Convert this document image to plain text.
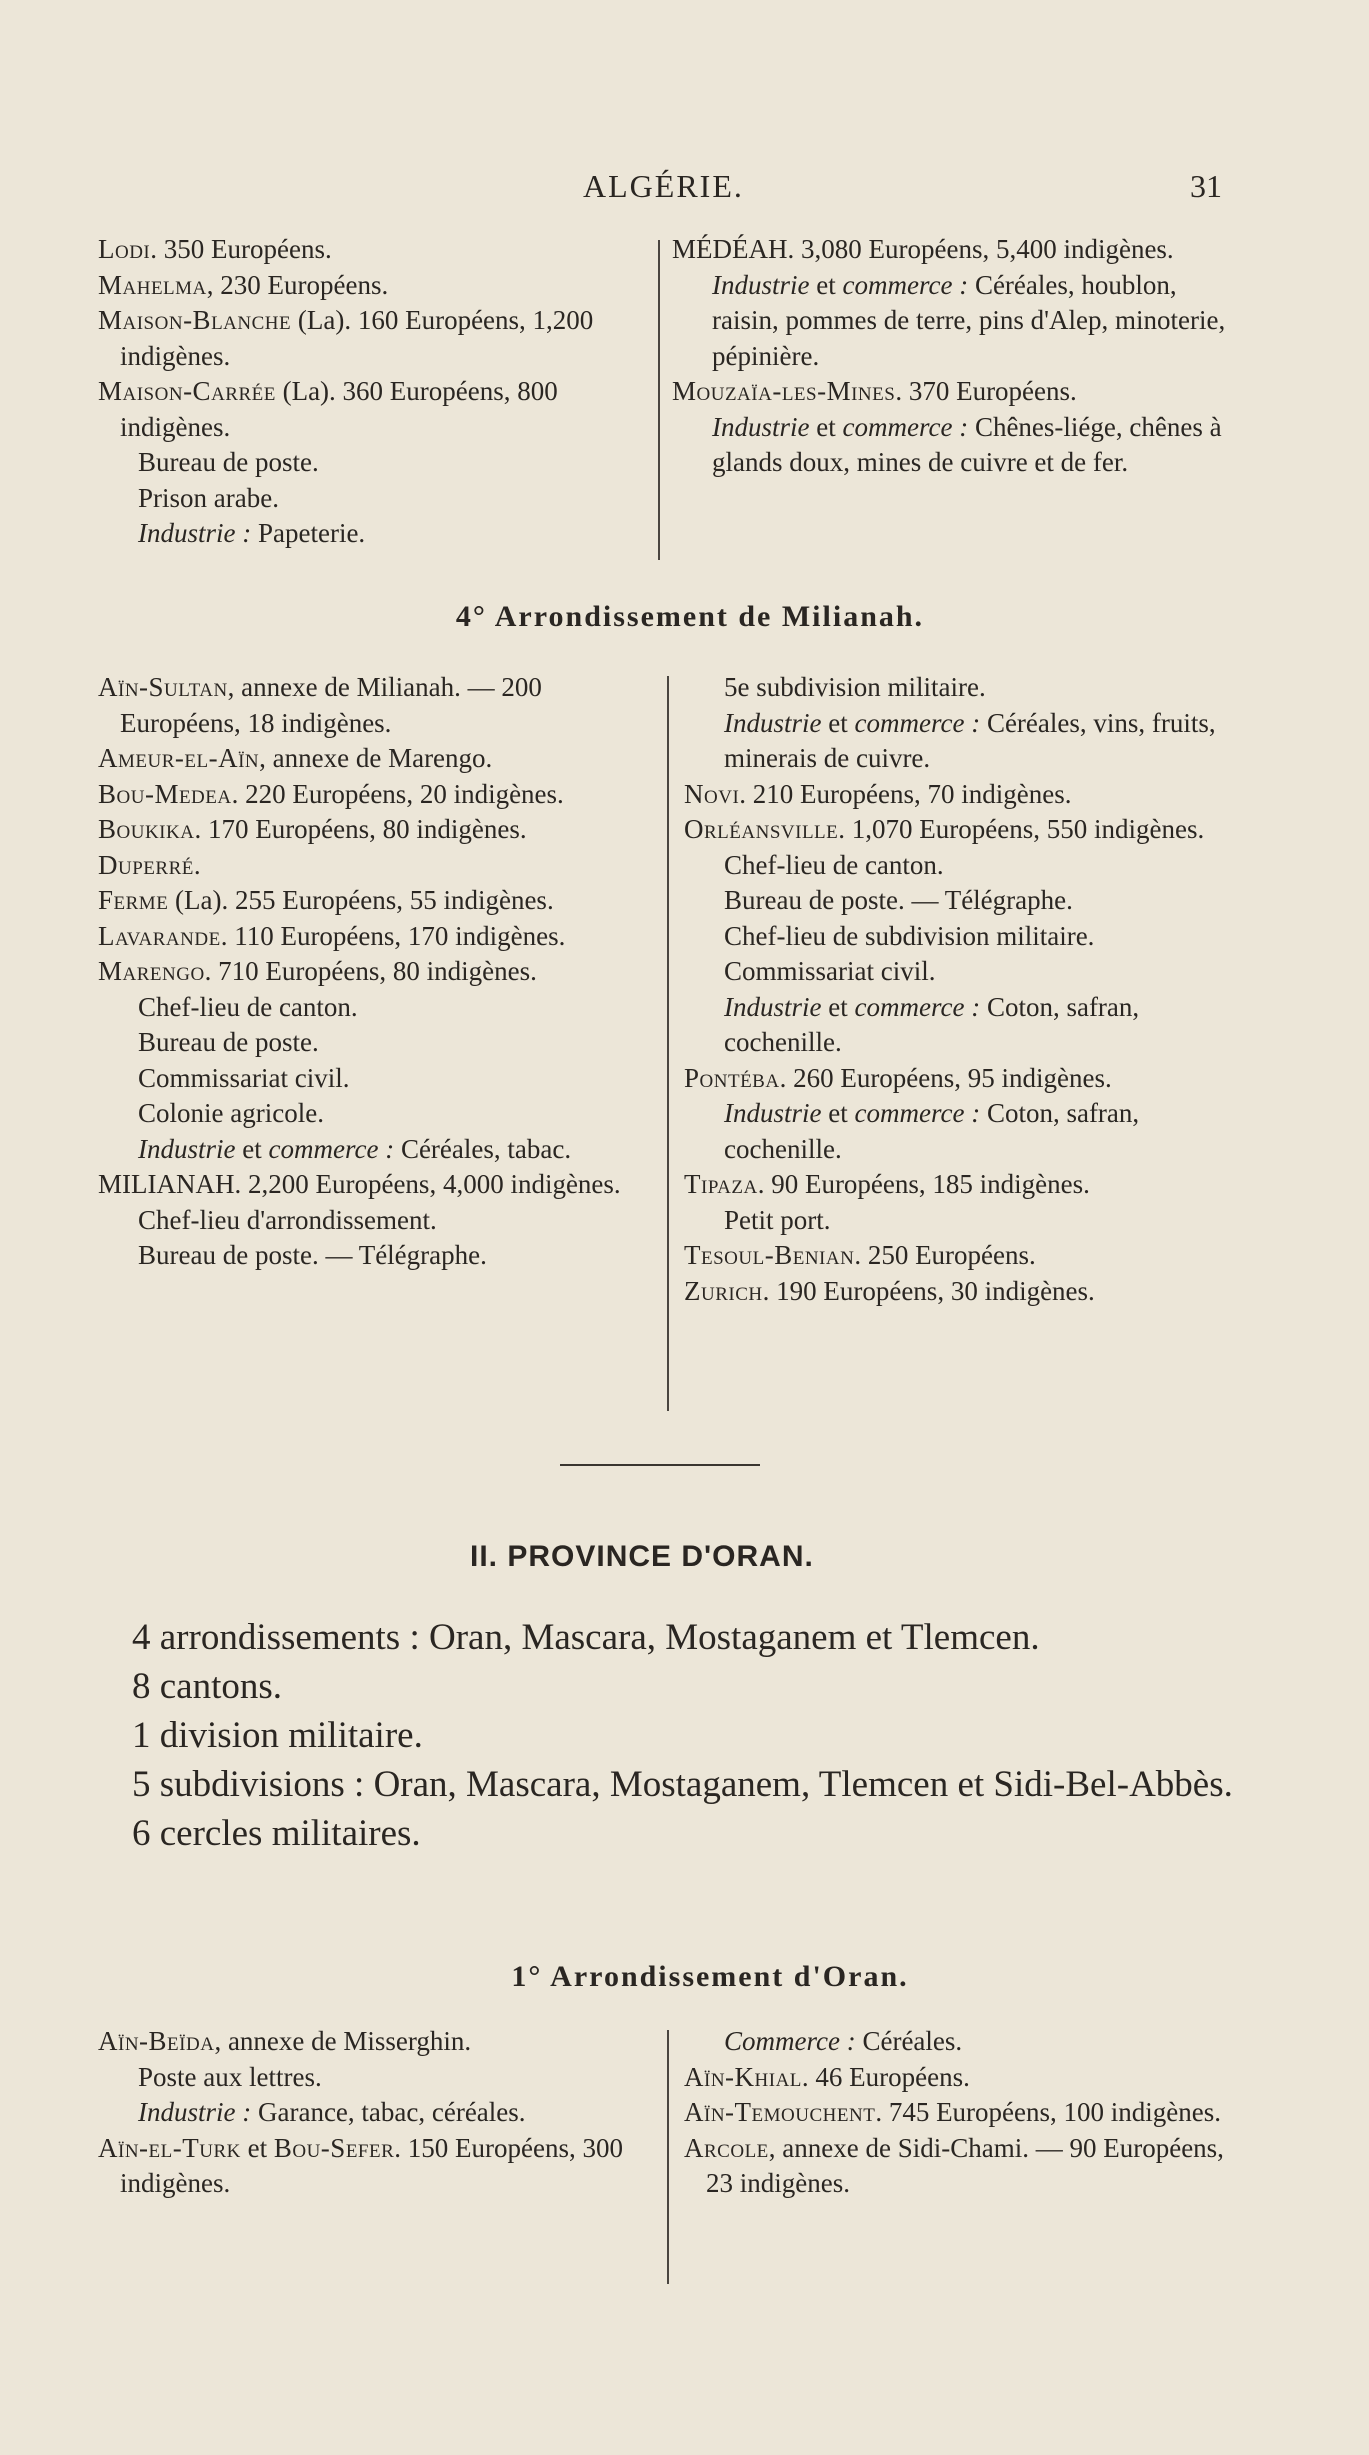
ALGÉRIE.	31

Lodi. 350 Européens.

Mahelma, 230 Européens.

Maison-Blanche (La). 160 Européens, 1,200 indigènes.

Maison-Carrée (La). 360 Européens, 800 indigènes.

Bureau de poste.

Prison arabe.

Industrie : Papeterie.

MÉDÉAH. 3,080 Européens, 5,400 indigènes.

Industrie et commerce : Céréales, houblon, raisin, pommes de terre, pins d'Alep, minoterie, pépinière.

Mouzaïa-les-Mines. 370 Européens.

Industrie et commerce : Chênes-liége, chênes à glands doux, mines de cuivre et de fer.

4° Arrondissement de Milianah.

Aïn-Sultan, annexe de Milianah. — 200 Européens, 18 indigènes.

Ameur-el-Aïn, annexe de Marengo.

Bou-Medea. 220 Européens, 20 indigènes.

Boukika. 170 Européens, 80 indigènes.

Duperré.

Ferme (La). 255 Européens, 55 indigènes.

Lavarande. 110 Européens, 170 indigènes.

Marengo. 710 Européens, 80 indigènes.

Chef-lieu de canton.

Bureau de poste.

Commissariat civil.

Colonie agricole.

Industrie et commerce : Céréales, tabac.

MILIANAH. 2,200 Européens, 4,000 indigènes.

Chef-lieu d'arrondissement.

Bureau de poste. — Télégraphe.

5e subdivision militaire.

Industrie et commerce : Céréales, vins, fruits, minerais de cuivre.

Novi. 210 Européens, 70 indigènes.

Orléansville. 1,070 Européens, 550 indigènes.

Chef-lieu de canton.

Bureau de poste. — Télégraphe.

Chef-lieu de subdivision militaire.

Commissariat civil.

Industrie et commerce : Coton, safran, cochenille.

Pontéba. 260 Européens, 95 indigènes.

Industrie et commerce : Coton, safran, cochenille.

Tipaza. 90 Européens, 185 indigènes.

Petit port.

Tesoul-Benian. 250 Européens.

Zurich. 190 Européens, 30 indigènes.

II. PROVINCE D'ORAN.

4 arrondissements : Oran, Mascara, Mostaganem et Tlemcen.

8 cantons.

1 division militaire.

5 subdivisions : Oran, Mascara, Mostaganem, Tlemcen et Sidi-Bel-Abbès.

6 cercles militaires.

1° Arrondissement d'Oran.

Aïn-Beïda, annexe de Misserghin.

Poste aux lettres.

Industrie : Garance, tabac, céréales.

Aïn-el-Turk et Bou-Sefer. 150 Européens, 300 indigènes.

Commerce : Céréales.

Aïn-Khial. 46 Européens.

Aïn-Temouchent. 745 Européens, 100 indigènes.

Arcole, annexe de Sidi-Chami. — 90 Européens, 23 indigènes.
